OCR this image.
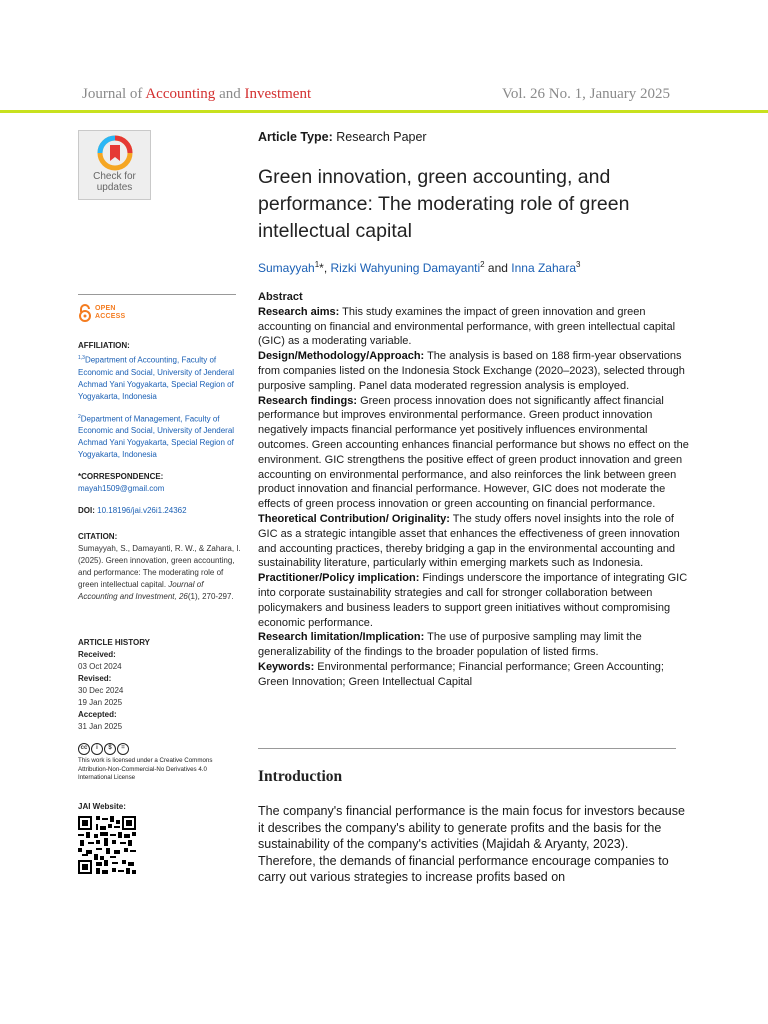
Journal of Accounting and Investment	Vol. 26 No. 1, January 2025
Check for
updates
OPEN
ACCESS
AFFILIATION:
$^{1,3}$Department of Accounting, Faculty of Economic and Social, University of Jenderal Achmad Yani Yogyakarta, Special Region of Yogyakarta, Indonesia
$^2$Department of Management, Faculty of Economic and Social, University of Jenderal Achmad Yani Yogyakarta, Special Region of Yogyakarta, Indonesia
*CORRESPONDENCE:
mayah1509@gmail.com
DOI: 10.18196/jai.v26i1.24362
CITATION:
Sumayyah, S., Damayanti, R. W., & Zahara, I. (2025). Green innovation, green accounting, and performance: The moderating role of green intellectual capital. Journal of Accounting and Investment, 26(1), 270-297.
ARTICLE HISTORY
Received:
03 Oct 2024
Revised:
30 Dec 2024
19 Jan 2025
Accepted:
31 Jan 2025
cc	i	$	=
This work is licensed under a Creative Commons Attribution-Non-Commercial-No Derivatives 4.0 International License
JAI Website:
Article Type: Research Paper
Green innovation, green accounting, and performance: The moderating role of green intellectual capital
Sumayyah$^1$*, Rizki Wahyuning Damayanti$^2$ and Inna Zahara$^3$
Abstract
Research aims: This study examines the impact of green innovation and green accounting on financial and environmental performance, with green intellectual capital (GIC) as a moderating variable.
Design/Methodology/Approach: The analysis is based on 188 firm-year observations from companies listed on the Indonesia Stock Exchange (2020–2023), selected through purposive sampling. Panel data moderated regression analysis is employed.
Research findings: Green process innovation does not significantly affect financial performance but improves environmental performance. Green product innovation negatively impacts financial performance yet positively influences environmental outcomes. Green accounting enhances financial performance but shows no effect on the environment. GIC strengthens the positive effect of green product innovation and green accounting on environmental performance, and also reinforces the link between green product innovation and financial performance. However, GIC does not moderate the effects of green process innovation or green accounting on financial performance.
Theoretical Contribution/ Originality: The study offers novel insights into the role of GIC as a strategic intangible asset that enhances the effectiveness of green innovation and accounting practices, thereby bridging a gap in the environmental accounting and sustainability literature, particularly within emerging markets such as Indonesia.
Practitioner/Policy implication: Findings underscore the importance of integrating GIC into corporate sustainability strategies and call for stronger collaboration between policymakers and business leaders to support green initiatives without compromising economic performance.
Research limitation/Implication: The use of purposive sampling may limit the generalizability of the findings to the broader population of listed firms.
Keywords: Environmental performance; Financial performance; Green Accounting; Green Innovation; Green Intellectual Capital
Introduction
The company's financial performance is the main focus for investors because it describes the company's ability to generate profits and the basis for the sustainability of the company's activities (Majidah & Aryanty, 2023). Therefore, the demands of financial performance encourage companies to carry out various strategies to increase profits based on
